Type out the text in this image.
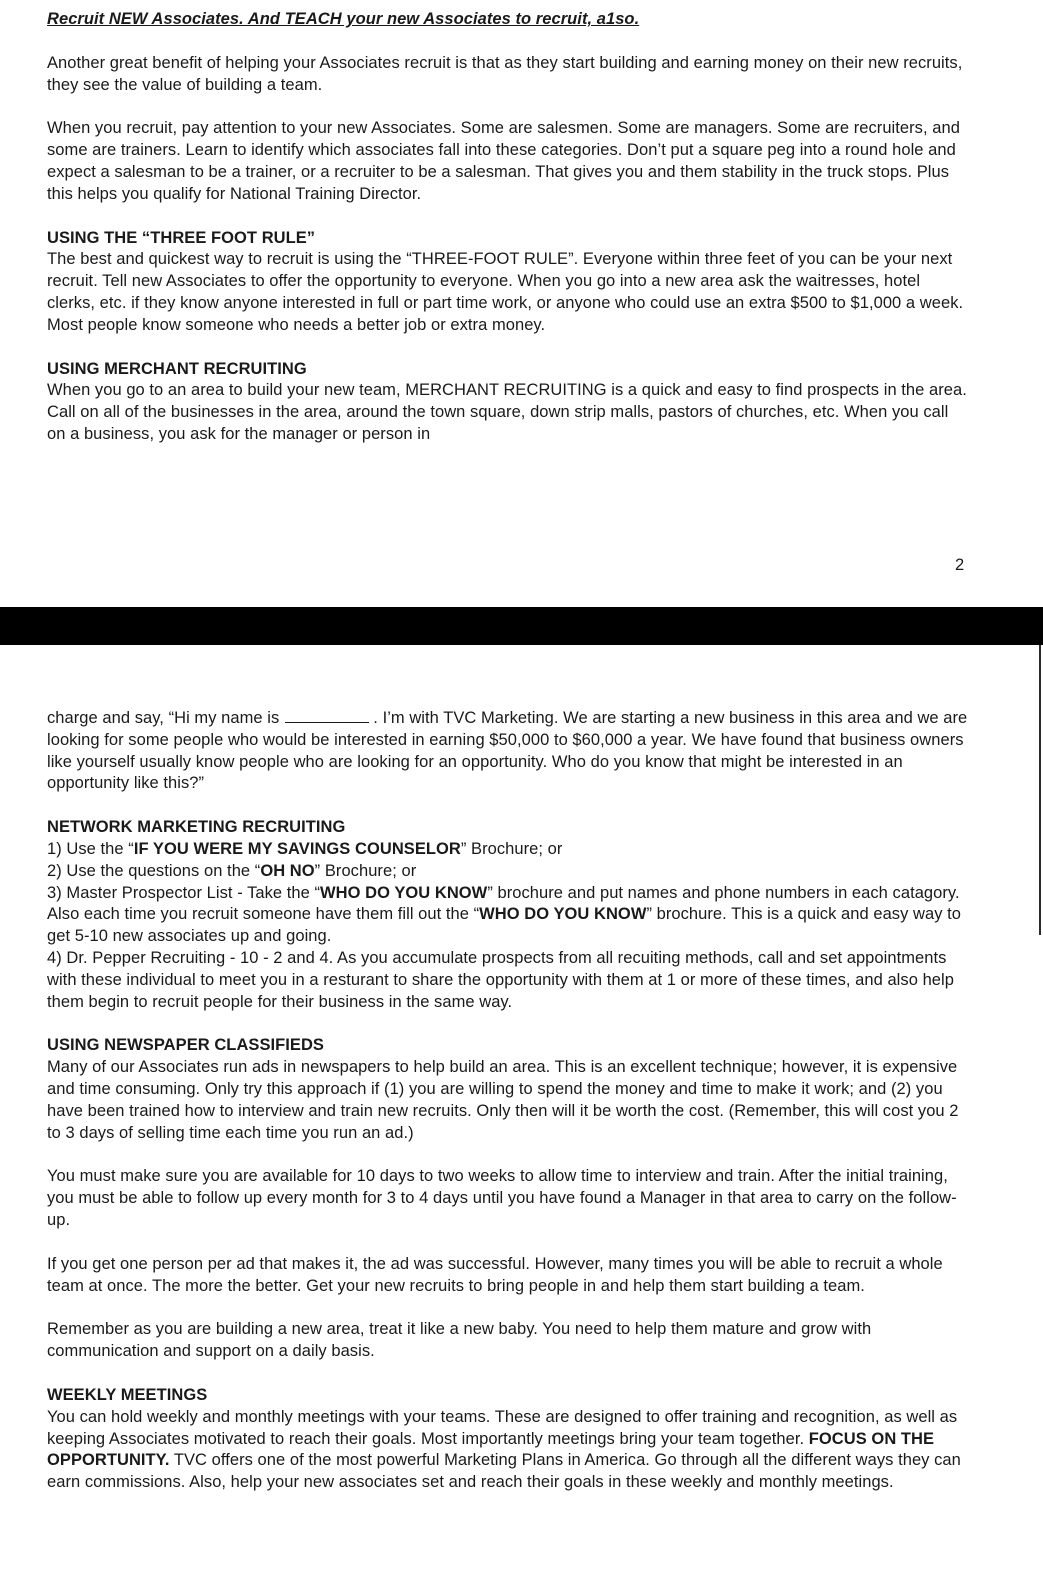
Recruit NEW Associates. And TEACH your new Associates to recruit, a1so.

Another great benefit of helping your Associates recruit is that as they start building and earning money on their new recruits, they see the value of building a team.

When you recruit, pay attention to your new Associates. Some are salesmen. Some are managers. Some are recruiters, and some are trainers. Learn to identify which associates fall into these categories. Don’t put a square peg into a round hole and expect a salesman to be a trainer, or a recruiter to be a salesman. That gives you and them stability in the truck stops. Plus this helps you qualify for National Training Director.

USING THE “THREE FOOT RULE”

The best and quickest way to recruit is using the “THREE-FOOT RULE”. Everyone within three feet of you can be your next recruit. Tell new Associates to offer the opportunity to everyone. When you go into a new area ask the waitresses, hotel clerks, etc. if they know anyone interested in full or part time work, or anyone who could use an extra $500 to $1,000 a week. Most people know someone who needs a better job or extra money.

USING MERCHANT RECRUITING

When you go to an area to build your new team, MERCHANT RECRUITING is a quick and easy to find prospects in the area. Call on all of the businesses in the area, around the town square, down strip malls, pastors of churches, etc. When you call on a business, you ask for the manager or person in

2

charge and say, “Hi my name is	. I’m with TVC Marketing. We are starting a new business in this area and we are looking for some people who would be interested in earning $50,000 to $60,000 a year. We have found that business owners like yourself usually know people who are looking for an opportunity. Who do you know that might be interested in an opportunity like this?”

NETWORK MARKETING RECRUITING
1) Use the “IF YOU WERE MY SAVINGS COUNSELOR” Brochure; or
2) Use the questions on the “OH NO” Brochure; or
3) Master Prospector List - Take the “WHO DO YOU KNOW” brochure and put names and phone numbers in each catagory. Also each time you recruit someone have them fill out the “WHO DO YOU KNOW” brochure. This is a quick and easy way to get 5-10 new associates up and going.
4) Dr. Pepper Recruiting - 10 - 2 and 4. As you accumulate prospects from all recuiting methods, call and set appointments with these individual to meet you in a resturant to share the opportunity with them at 1 or more of these times, and also help them begin to recruit people for their business in the same way.
USING NEWSPAPER CLASSIFIEDS

Many of our Associates run ads in newspapers to help build an area. This is an excellent technique; however, it is expensive and time consuming. Only try this approach if (1) you are willing to spend the money and time to make it work; and (2) you have been trained how to interview and train new recruits. Only then will it be worth the cost. (Remember, this will cost you 2 to 3 days of selling time each time you run an ad.)

You must make sure you are available for 10 days to two weeks to allow time to interview and train. After the initial training, you must be able to follow up every month for 3 to 4 days until you have found a Manager in that area to carry on the follow-up.

If you get one person per ad that makes it, the ad was successful. However, many times you will be able to recruit a whole team at once. The more the better. Get your new recruits to bring people in and help them start building a team.

Remember as you are building a new area, treat it like a new baby. You need to help them mature and grow with communication and support on a daily basis.

WEEKLY MEETINGS

You can hold weekly and monthly meetings with your teams. These are designed to offer training and recognition, as well as keeping Associates motivated to reach their goals. Most importantly meetings bring your team together. FOCUS ON THE OPPORTUNITY. TVC offers one of the most powerful Marketing Plans in America. Go through all the different ways they can earn commissions. Also, help your new associates set and reach their goals in these weekly and monthly meetings.
